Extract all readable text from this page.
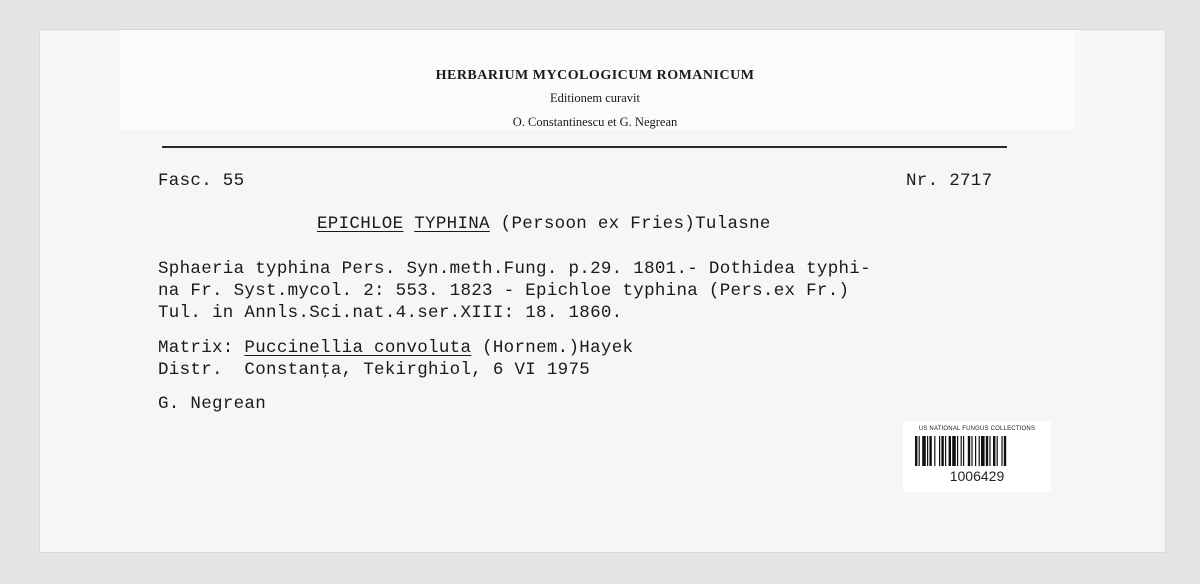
HERBARIUM MYCOLOGICUM ROMANICUM
Editionem curavit
O. Constantinescu et G. Negrean
Fasc. 55	Nr. 2717
EPICHLOE TYPHINA (Persoon ex Fries)Tulasne
Sphaeria typhina Pers. Syn.meth.Fung. p.29. 1801.- Dothidea typhi-
na Fr. Syst.mycol. 2: 553. 1823 - Epichloe typhina (Pers.ex Fr.)
Tul. in Annls.Sci.nat.4.ser.XIII: 18. 1860.
Matrix: Puccinellia convoluta (Hornem.)Hayek
Distr.  Constanţa, Tekirghiol, 6 VI 1975
G. Negrean
US NATIONAL FUNGUS COLLECTIONS
1006429
